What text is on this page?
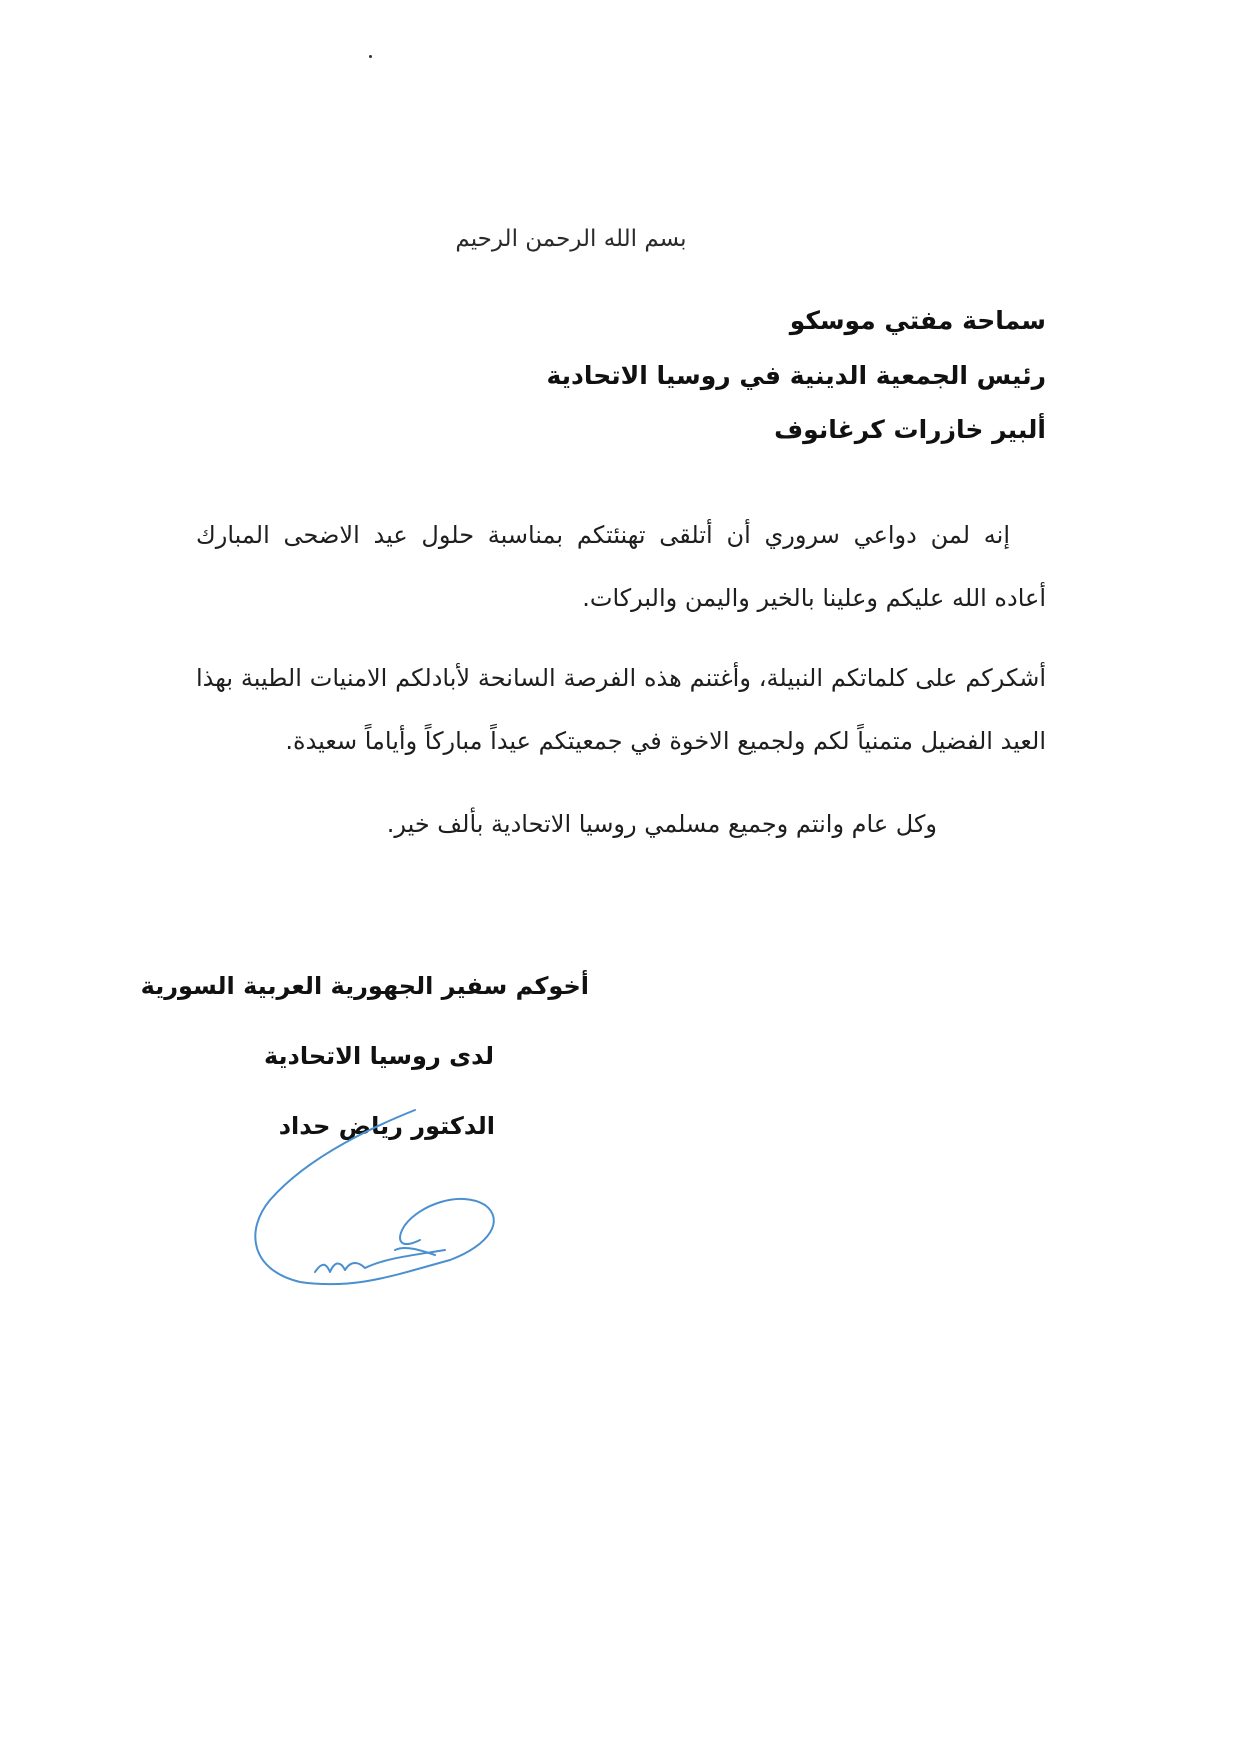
بسم الله الرحمن الرحيم
سماحة مفتي موسكو
رئيس الجمعية الدينية في روسيا الاتحادية
ألبير خازرات كرغانوف
إنه لمن دواعي سروري أن أتلقى تهنئتكم بمناسبة حلول عيد الاضحى المبارك
أعاده الله عليكم وعلينا بالخير واليمن والبركات.
أشكركم على كلماتكم النبيلة، وأغتنم هذه الفرصة السانحة لأبادلكم الامنيات الطيبة بهذا
العيد الفضيل متمنياً لكم ولجميع الاخوة في جمعيتكم عيداً مباركاً وأياماً سعيدة.
وكل عام وانتم وجميع مسلمي روسيا الاتحادية بألف خير.
أخوكم سفير الجهورية العربية السورية
لدى روسيا الاتحادية
الدكتور رياض حداد
